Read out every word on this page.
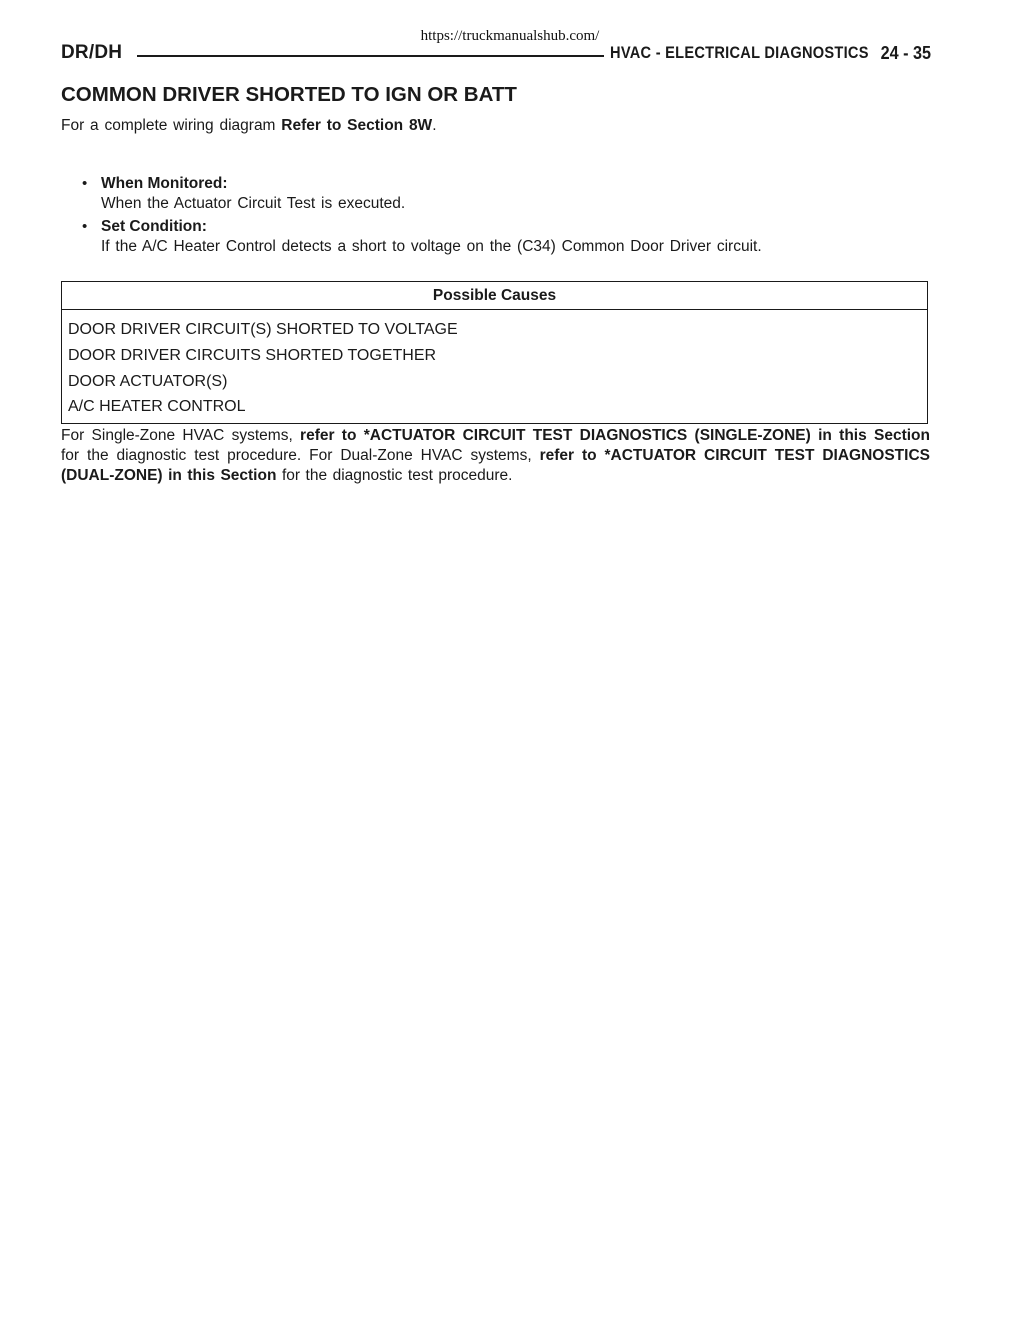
https://truckmanualshub.com/
DR/DH	HVAC - ELECTRICAL DIAGNOSTICS 24 - 35
COMMON DRIVER SHORTED TO IGN OR BATT
For a complete wiring diagram Refer to Section 8W.
• When Monitored:
When the Actuator Circuit Test is executed.
• Set Condition:
If the A/C Heater Control detects a short to voltage on the (C34) Common Door Driver circuit.
Possible Causes
DOOR DRIVER CIRCUIT(S) SHORTED TO VOLTAGE
DOOR DRIVER CIRCUITS SHORTED TOGETHER
DOOR ACTUATOR(S)
A/C HEATER CONTROL

For Single-Zone HVAC systems, refer to *ACTUATOR CIRCUIT TEST DIAGNOSTICS (SINGLE-ZONE) in this Section for the diagnostic test procedure. For Dual-Zone HVAC systems, refer to *ACTUATOR CIRCUIT TEST DIAGNOSTICS (DUAL-ZONE) in this Section for the diagnostic test procedure.
